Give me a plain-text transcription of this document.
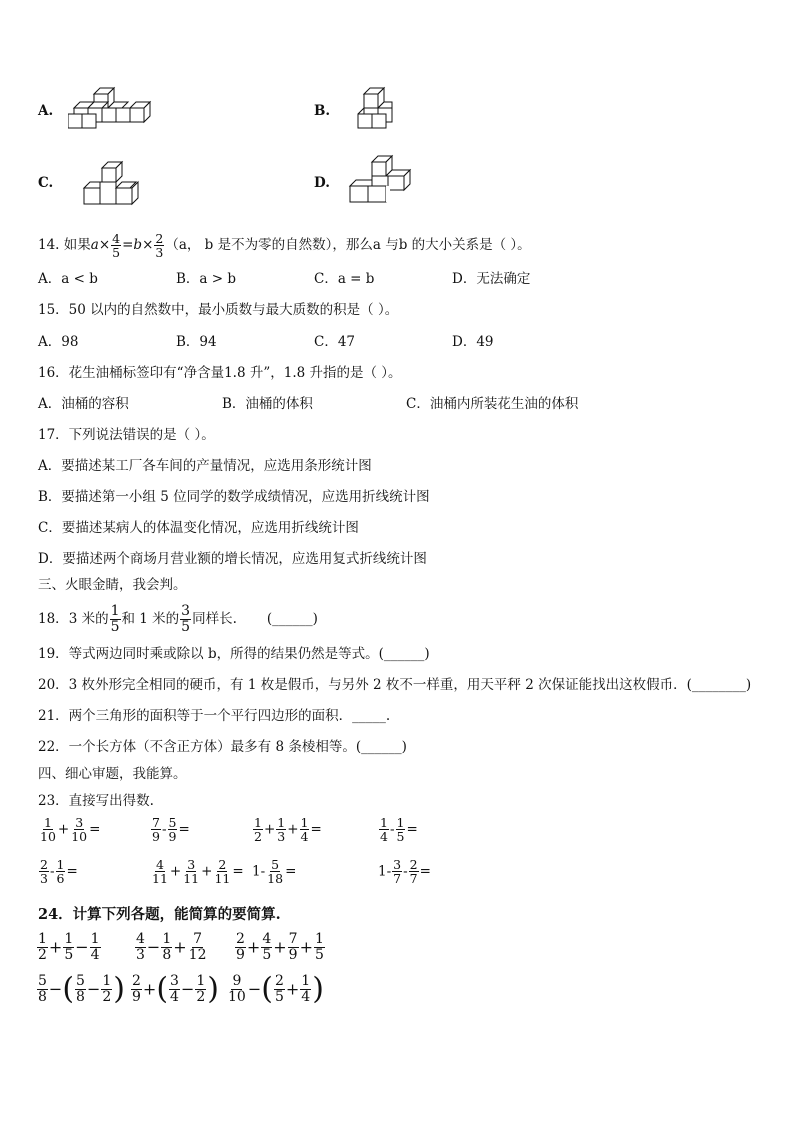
A.	B.
C.	D.
14. 如果$a\times \frac{4}{5} =b\times \frac{2}{3} (a$， b 是不为零的自然数），那么a 与b 的大小关系是（ ）。
A．a < b	B．a > b	C．a = b	D．无法确定
15．50 以内的自然数中，最小质数与最大质数的积是（ ）。
A．98	B．94	C．47	D．49
16．花生油桶标签印有“净含量1.8 升”，1.8 升指的是（ ）。
A．油桶的容积	B．油桶的体积	C．油桶内所装花生油的体积
17．下列说法错误的是（ ）。
A．要描述某工厂各车间的产量情况，应选用条形统计图
B．要描述第一小组 5 位同学的数学成绩情况，应选用折线统计图
C．要描述某病人的体温变化情况，应选用折线统计图
D．要描述两个商场月营业额的增长情况，应选用复式折线统计图
三、火眼金睛，我会判。
18．3 米的 $\frac{1}{5}$ 和 1 米的 $\frac{3}{5}$ 同样长. (______)
19．等式两边同时乘或除以 b，所得的结果仍然是等式。(______)
20．3 枚外形完全相同的硬币，有 1 枚是假币，与另外 2 枚不一样重，用天平秤 2 次保证能找出这枚假币．(________)
21．两个三角形的面积等于一个平行四边形的面积．_____.
22．一个长方体（不含正方体）最多有 8 条棱相等。(______)
四、细心审题，我能算。
23．直接写出得数.
24．计算下列各题，能简算的要简算.
$\frac{1}{10} + \frac{3}{10}$ =	$\frac{7}{9} - \frac{5}{9}$ =	$\frac{1}{2} + \frac{1}{3} + \frac{1}{4}$ =	$\frac{1}{4} - \frac{1}{5}$ =
$\frac{2}{3} - \frac{1}{6}$ =	$\frac{4}{11} + \frac{3}{11} + \frac{2}{11} = 1- \frac{5}{18}$ =	$1- \frac{3}{7} - \frac{2}{7}$ =
$\frac{1}{2} + \frac{1}{5} - \frac{1}{4} \frac{4}{3} - \frac{1}{8} + \frac{7}{12} \frac{2}{9} + \frac{4}{5} + \frac{7}{9} + \frac{1}{5}$
$\frac{5}{8}$ −( $\frac{5}{8} - \frac{1}{2}$ ) $\frac{2}{9}$ +( $\frac{3}{4} - \frac{1}{2}$ ) $\frac{9}{10}$ −( $\frac{2}{5} + \frac{1}{4}$ )
